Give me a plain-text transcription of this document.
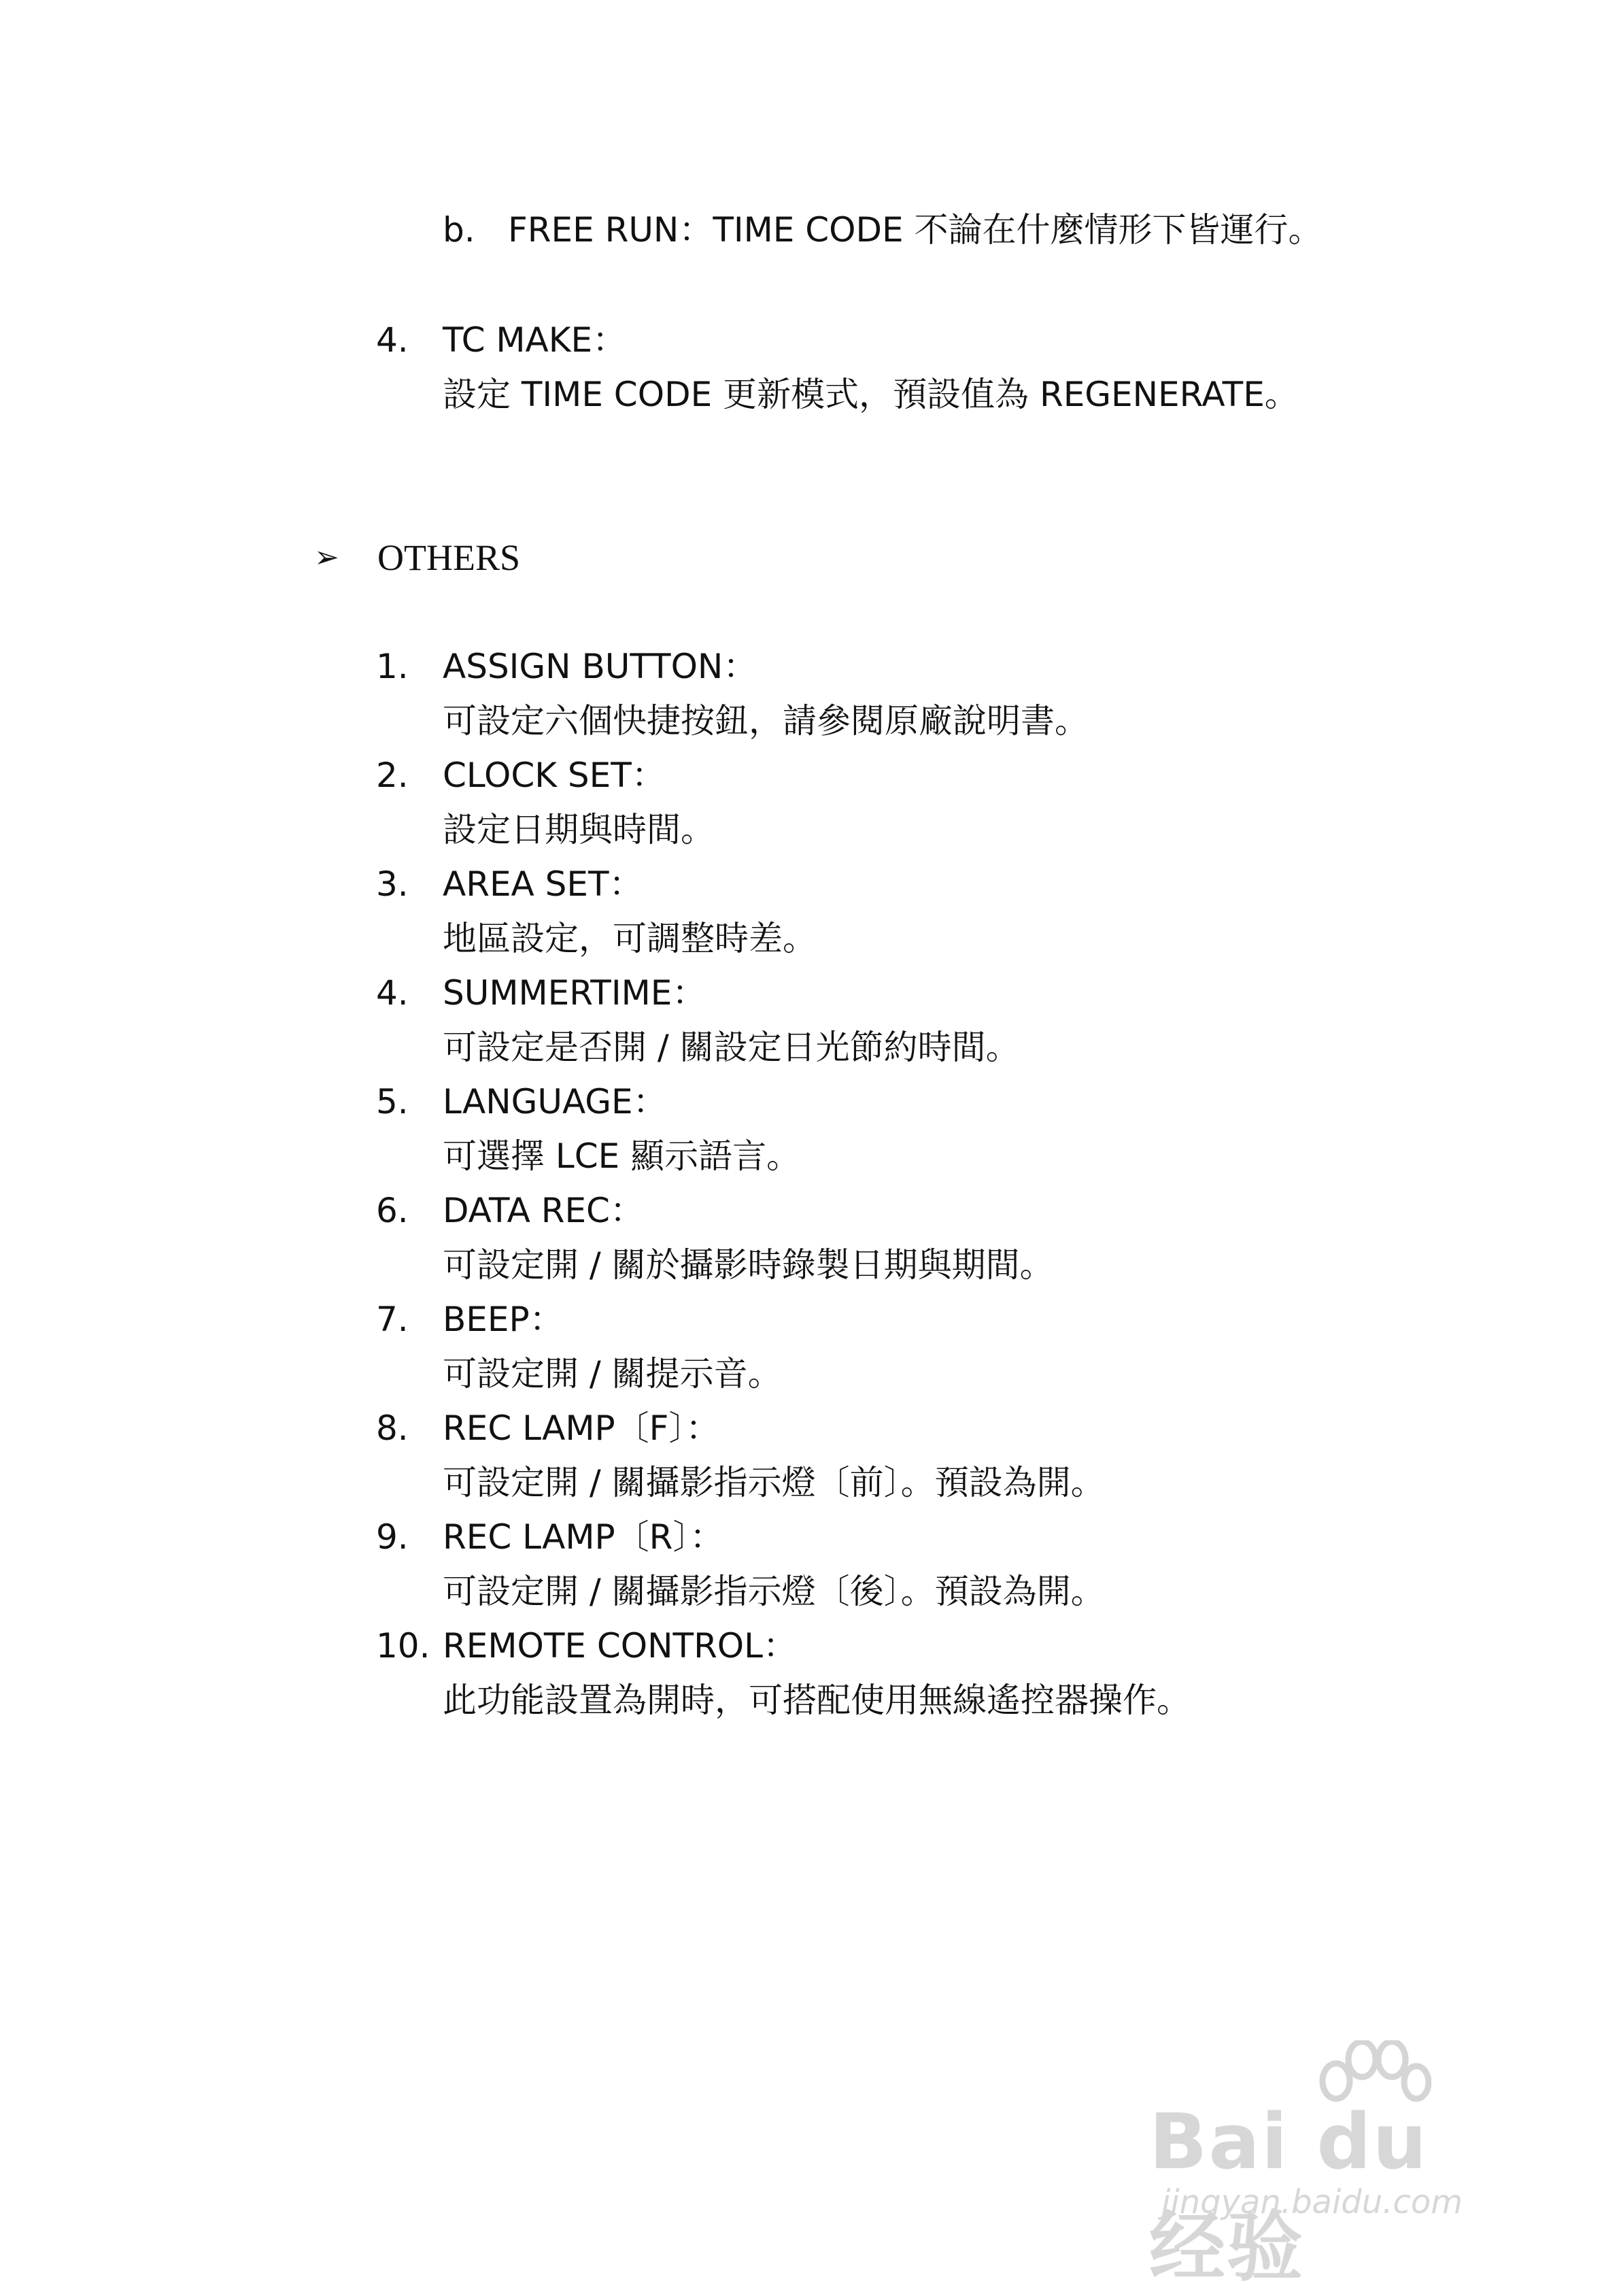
b. FREE RUN：TIME CODE 不論在什麼情形下皆運行。
4. TC MAKE：
設定 TIME CODE 更新模式，預設值為 REGENERATE。
➢ OTHERS
1. ASSIGN BUTTON：
可設定六個快捷按鈕，請參閱原廠說明書。
2. CLOCK SET：
設定日期與時間。
3. AREA SET：
地區設定，可調整時差。
4. SUMMERTIME：
可設定是否開 / 關設定日光節約時間。
5. LANGUAGE：
可選擇 LCE 顯示語言。
6. DATA REC：
可設定開 / 關於攝影時錄製日期與期間。
7. BEEP：
可設定開 / 關提示音。
8. REC LAMP〔F〕：
可設定開 / 關攝影指示燈〔前〕。預設為開。
9. REC LAMP〔R〕：
可設定開 / 關攝影指示燈〔後〕。預設為開。
10. REMOTE CONTROL：
此功能設置為開時，可搭配使用無線遙控器操作。
Bai du 经验
jingyan.baidu.com
